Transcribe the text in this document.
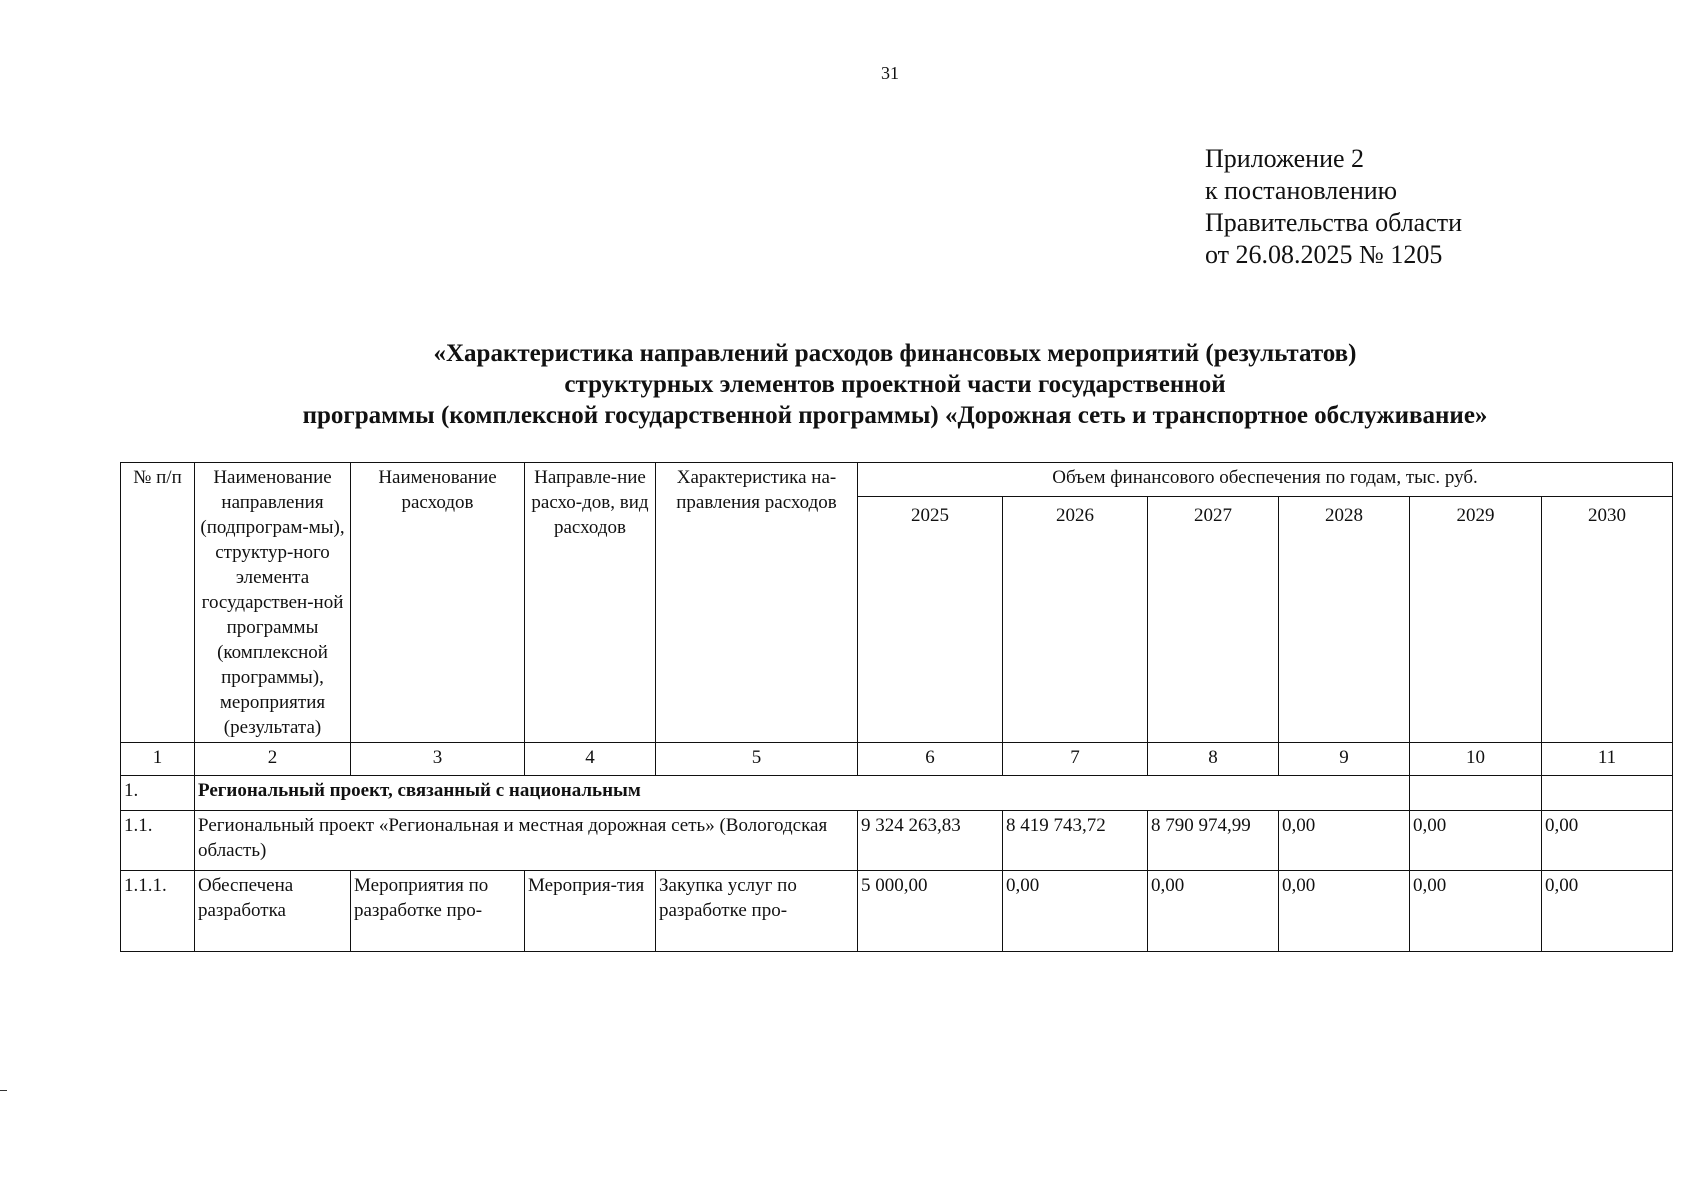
31
Приложение 2
к постановлению
Правительства области
от 26.08.2025 № 1205
«Характеристика направлений расходов финансовых мероприятий (результатов)
структурных элементов проектной части государственной
программы (комплексной государственной программы) «Дорожная сеть и транспортное обслуживание»
№ п/п	Наименование направления (подпрограм-мы), структур-ного элемента государствен-ной программы (комплексной программы), мероприятия (результата)	Наименование расходов	Направле-ние расхо-дов, вид расходов	Характеристика на-правления расходов	Объем финансового обеспечения по годам, тыс. руб.					
					2025	2026	2027	2028	2029	2030
1	2	3	4	5	6	7	8	9	10	11
1.	Региональный проект, связанный с национальным									
1.1.	Региональный проект «Региональная и местная дорожная сеть» (Вологодская область)				9 324 263,83	8 419 743,72	8 790 974,99	0,00	0,00	0,00
1.1.1.	Обеспечена разработка	Мероприятия по разработке про-	Мероприя-тия	Закупка услуг по разработке про-	5 000,00	0,00	0,00	0,00	0,00	0,00
